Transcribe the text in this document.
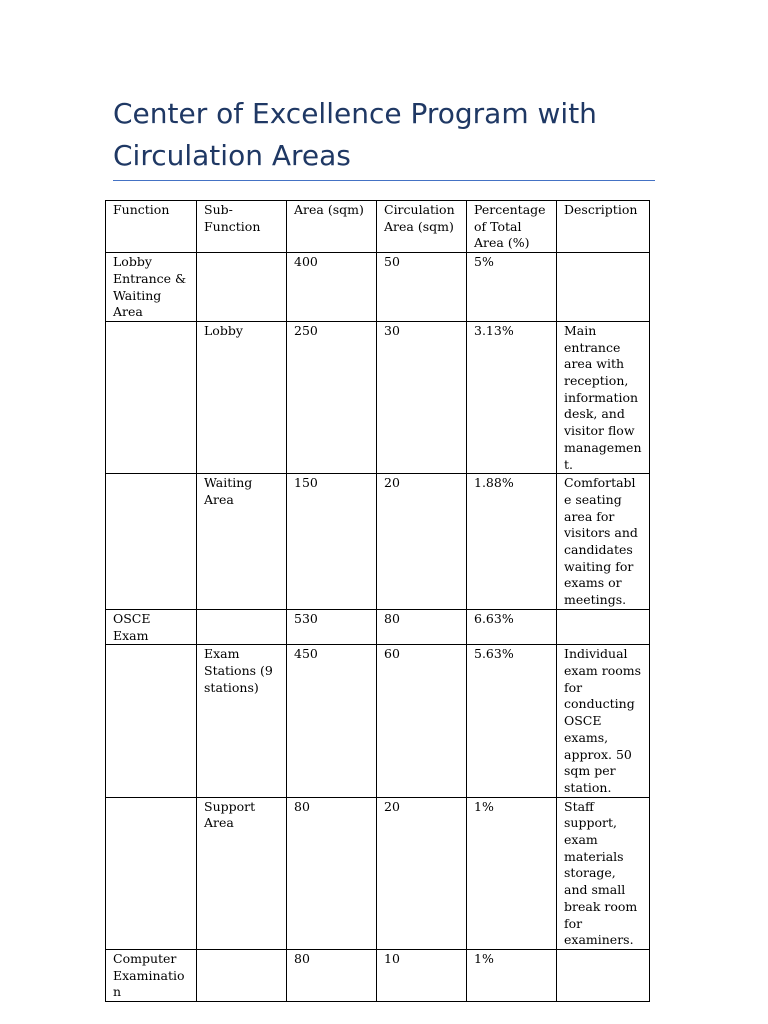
Center of Excellence Program with Circulation Areas
Function	Sub-Function	Area (sqm)	Circulation Area (sqm)	Percentage of Total Area (%)	Description
Lobby Entrance & Waiting Area		400	50	5%	
	Lobby	250	30	3.13%	Main entrance area with reception, information desk, and visitor flow management.
	Waiting Area	150	20	1.88%	Comfortable seating area for visitors and candidates waiting for exams or meetings.
OSCE Exam		530	80	6.63%	
	Exam Stations (9 stations)	450	60	5.63%	Individual exam rooms for conducting OSCE exams, approx. 50 sqm per station.
	Support Area	80	20	1%	Staff support, exam materials storage, and small break room for examiners.
Computer Examination		80	10	1%	
